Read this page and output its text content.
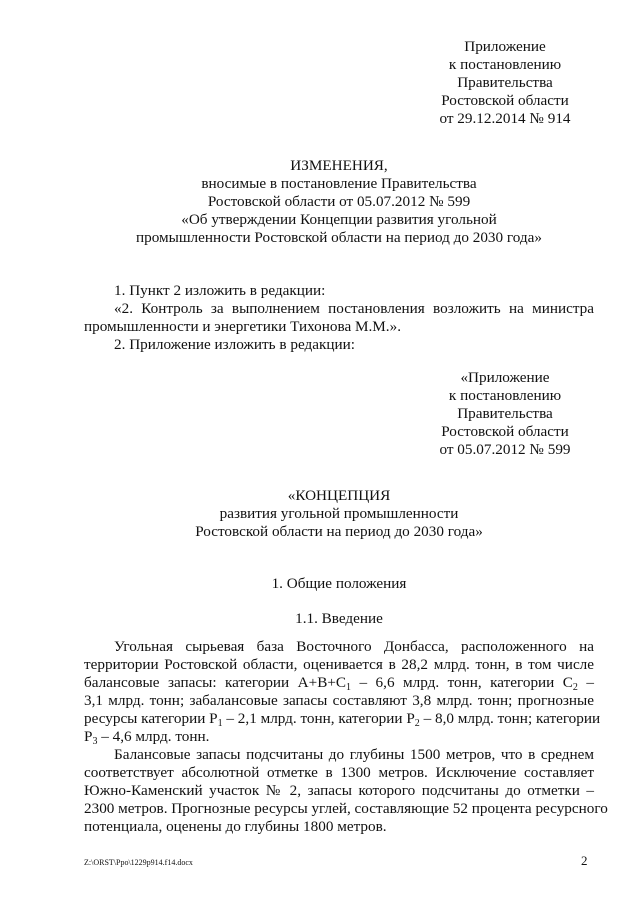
Приложение
к постановлению
Правительства
Ростовской области
от 29.12.2014 № 914
ИЗМЕНЕНИЯ,
вносимые в постановление Правительства
Ростовской области от 05.07.2012 № 599
«Об утверждении Концепции развития угольной
промышленности Ростовской области на период до 2030 года»
1. Пункт 2 изложить в редакции:
«2. Контроль за выполнением постановления возложить на министра
промышленности и энергетики Тихонова М.М.».
2. Приложение изложить в редакции:
«Приложение
к постановлению
Правительства
Ростовской области
от 05.07.2012 № 599
«КОНЦЕПЦИЯ
развития угольной промышленности
Ростовской области на период до 2030 года»
1. Общие положения
1.1. Введение
Угольная сырьевая база Восточного Донбасса, расположенного на
территории Ростовской области, оценивается в 28,2 млрд. тонн, в том числе
балансовые запасы: категории $А+В+С_1 - 6,6$ млрд. тонн, категории $С_2$ –
3,1 млрд. тонн; забалансовые запасы составляют 3,8 млрд. тонн; прогнозные
ресурсы категории $Р_1 - 2,1$ млрд. тонн, категории $Р_2 - 8,0$ млрд. тонн; категории
$Р_3 - 4,6$ млрд. тонн.
Балансовые запасы подсчитаны до глубины 1500 метров, что в среднем
соответствует абсолютной отметке в 1300 метров. Исключение составляет
Южно-Каменский участок № 2, запасы которого подсчитаны до отметки –
2300 метров. Прогнозные ресурсы углей, составляющие 52 процента ресурсного
потенциала, оценены до глубины 1800 метров.
Z:\ORST\Ppo\1229p914.f14.docx	2
